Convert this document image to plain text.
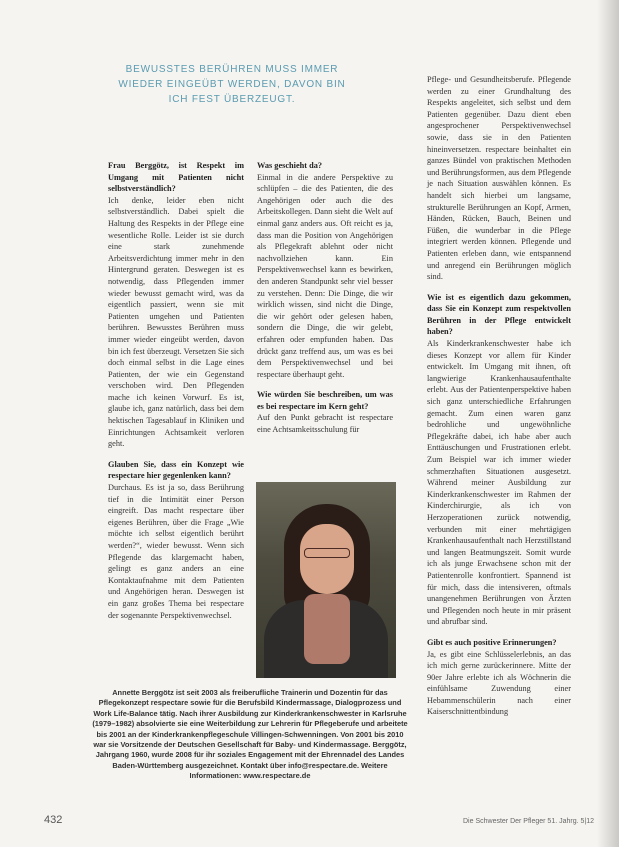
BEWUSSTES BERÜHREN MUSS IMMER WIEDER EINGEÜBT WERDEN, DAVON BIN ICH FEST ÜBERZEUGT.

Frau Berggötz, ist Respekt im Umgang mit Patienten nicht selbstverständlich?
Ich denke, leider eben nicht selbstverständlich. Dabei spielt die Haltung des Respekts in der Pflege eine wesentliche Rolle. Leider ist sie durch eine stark zunehmende Arbeitsverdichtung immer mehr in den Hintergrund geraten. Deswegen ist es notwendig, dass Pflegenden immer wieder bewusst gemacht wird, was da eigentlich passiert, wenn sie mit Patienten umgehen und Patienten berühren. Bewusstes Berühren muss immer wieder eingeübt werden, davon bin ich fest überzeugt. Versetzen Sie sich doch einmal selbst in die Lage eines Patienten, der wie ein Gegenstand verschoben wird. Den Pflegenden mache ich keinen Vorwurf. Es ist, glaube ich, ganz natürlich, dass bei dem hektischen Tagesablauf in Kliniken und Einrichtungen Achtsamkeit verloren geht.

Glauben Sie, dass ein Konzept wie respectare hier gegenlenken kann?
Durchaus. Es ist ja so, dass Berührung tief in die Intimität einer Person eingreift. Das macht respectare über eigenes Berühren, über die Frage „Wie möchte ich selbst eigentlich berührt werden?“, wieder bewusst. Wenn sich Pflegende das klargemacht haben, gelingt es ganz anders an eine Kontaktaufnahme mit dem Patienten und Angehörigen heran. Deswegen ist ein ganz großes Thema bei respectare der sogenannte Perspektivenwechsel.

Was geschieht da?
Einmal in die andere Perspektive zu schlüpfen – die des Patienten, die des Angehörigen oder auch die des Arbeitskollegen. Dann sieht die Welt auf einmal ganz anders aus. Oft reicht es ja, dass man die Position von Angehörigen als Pflegekraft ablehnt oder nicht nachvollziehen kann. Ein Perspektivenwechsel kann es bewirken, den anderen Standpunkt sehr viel besser zu verstehen. Denn: Die Dinge, die wir wirklich wissen, sind nicht die Dinge, die wir gehört oder gelesen haben, sondern die Dinge, die wir gelebt, erfahren oder empfunden haben. Das drückt ganz treffend aus, um was es bei dem Perspektivenwechsel und bei respectare überhaupt geht.

Wie würden Sie beschreiben, um was es bei respectare im Kern geht?
Auf den Punkt gebracht ist respectare eine Achtsamkeitsschulung für

Pflege- und Gesundheitsberufe. Pflegende werden zu einer Grundhaltung des Respekts angeleitet, sich selbst und dem Patienten gegenüber. Dazu dient eben angesprochener Perspektivenwechsel sowie, dass sie in den Patienten hineinversetzen. respectare beinhaltet ein ganzes Bündel von praktischen Methoden und Berührungsformen, aus dem Pflegende je nach Situation auswählen können. Es handelt sich hierbei um langsame, strukturelle Berührungen an Kopf, Armen, Händen, Rücken, Bauch, Beinen und Füßen, die wunderbar in die Pflege integriert werden können. Pflegende und Patienten erleben dann, wie entspannend und anregend ein Berührungen möglich sind.

Wie ist es eigentlich dazu gekommen, dass Sie ein Konzept zum respektvollen Berühren in der Pflege entwickelt haben?
Als Kinderkrankenschwester habe ich dieses Konzept vor allem für Kinder entwickelt. Im Umgang mit ihnen, oft langwierige Krankenhausaufenthalte erlebt. Aus der Patientenperspektive haben sich ganz unterschiedliche Erfahrungen gemacht. Zum einen waren ganz bedrohliche und ungewöhnliche Pflegekräfte dabei, ich habe aber auch Enttäuschungen und Frustrationen erlebt. Zum Beispiel war ich immer wieder schmerzhaften Situationen ausgesetzt. Während meiner Ausbildung zur Kinderkrankenschwester im Rahmen der Kinderchirurgie, als ich von Herzoperationen zurück notwendig, verbunden mit einer mehrtägigen Krankenhausaufenthalt nach Herzstillstand und langen Beatmungszeit. Somit wurde ich als junge Erwachsene schon mit der Patientenrolle konfrontiert. Spannend ist für mich, dass die intensiveren, oftmals unangenehmen Berührungen von Ärzten und Pflegenden noch heute in mir präsent und abrufbar sind.

Gibt es auch positive Erinnerungen?
Ja, es gibt eine Schlüsselerlebnis, an das ich mich gerne zurückerinnere. Mitte der 90er Jahre erlebte ich als Wöchnerin die einfühlsame Zuwendung einer Hebammenschülerin nach einer Kaiserschnittentbindung

Annette Berggötz ist seit 2003 als freiberufliche Trainerin und Dozentin für das Pflegekonzept respectare sowie für die Berufsbild Kindermassage, Dialogprozess und Work Life-Balance tätig. Nach ihrer Ausbildung zur Kinderkrankenschwester in Karlsruhe (1979–1982) absolvierte sie eine Weiterbildung zur Lehrerin für Pflegeberufe und arbeitete bis 2001 an der Kinderkrankenpflegeschule Villingen-Schwenningen. Von 2001 bis 2010 war sie Vorsitzende der Deutschen Gesellschaft für Baby- und Kindermassage. Berggötz, Jahrgang 1960, wurde 2008 für ihr soziales Engagement mit der Ehrennadel des Landes Baden-Württemberg ausgezeichnet. Kontakt über info@respectare.de. Weitere Informationen: www.respectare.de
432	Die Schwester Der Pfleger 51. Jahrg. 5|12
